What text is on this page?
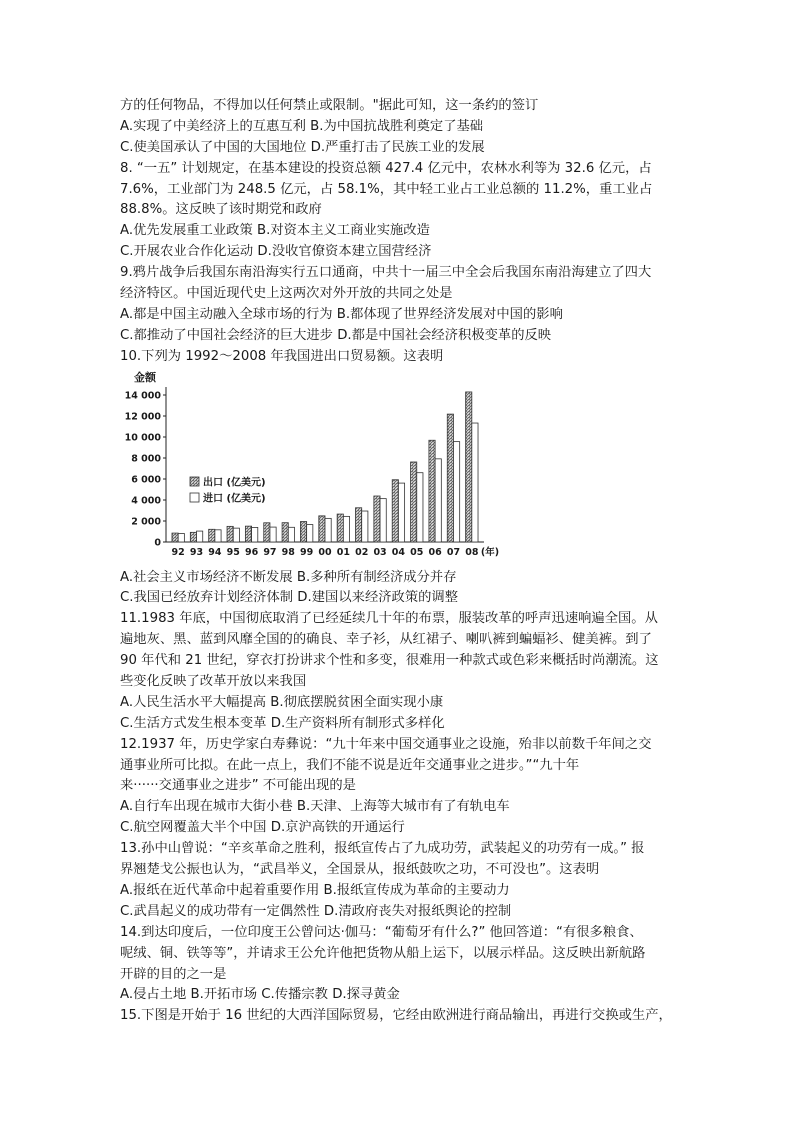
方的任何物品，不得加以任何禁止或限制。"据此可知，这一条约的签订
A.实现了中美经济上的互惠互利 B.为中国抗战胜利奠定了基础
C.使美国承认了中国的大国地位 D.严重打击了民族工业的发展
8. “一五” 计划规定，在基本建设的投资总额 427.4 亿元中，农林水利等为 32.6 亿元，占
7.6%，工业部门为 248.5 亿元，占 58.1%，其中轻工业占工业总额的 11.2%，重工业占
88.8%。这反映了该时期党和政府
A.优先发展重工业政策 B.对资本主义工商业实施改造
C.开展农业合作化运动 D.没收官僚资本建立国营经济
9.鸦片战争后我国东南沿海实行五口通商，中共十一届三中全会后我国东南沿海建立了四大
经济特区。中国近现代史上这两次对外开放的共同之处是
A.都是中国主动融入全球市场的行为 B.都体现了世界经济发展对中国的影响
C.都推动了中国社会经济的巨大进步 D.都是中国社会经济积极变革的反映
10.下列为 1992～2008 年我国进出口贸易额。这表明
金额
14 000
12 000
10 000
8 000
6 000
4 000
2 000
0
92 93 94 95 96 97 98 99 00 01 02 03 04 05 06 07 08 (年)
出口 (亿美元)
进口 (亿美元)
A.社会主义市场经济不断发展 B.多种所有制经济成分并存
C.我国已经放弃计划经济体制 D.建国以来经济政策的调整
11.1983 年底，中国彻底取消了已经延续几十年的布票，服装改革的呼声迅速响遍全国。从
遍地灰、黑、蓝到风靡全国的的确良、幸子衫，从红裙子、喇叭裤到蝙蝠衫、健美裤。到了
90 年代和 21 世纪，穿衣打扮讲求个性和多变，很难用一种款式或色彩来概括时尚潮流。这
些变化反映了改革开放以来我国
A.人民生活水平大幅提高 B.彻底摆脱贫困全面实现小康
C.生活方式发生根本变革 D.生产资料所有制形式多样化
12.1937 年，历史学家白寿彝说：“九十年来中国交通事业之设施，殆非以前数千年间之交
通事业所可比拟。在此一点上，我们不能不说是近年交通事业之进步。”“九十年
来······交通事业之进步” 不可能出现的是
A.自行车出现在城市大街小巷 B.天津、上海等大城市有了有轨电车
C.航空网覆盖大半个中国 D.京沪高铁的开通运行
13.孙中山曾说：“辛亥革命之胜利，报纸宣传占了九成功劳，武装起义的功劳有一成。” 报
界翘楚戈公振也认为，“武昌举义，全国景从，报纸鼓吹之功，不可没也”。这表明
A.报纸在近代革命中起着重要作用 B.报纸宣传成为革命的主要动力
C.武昌起义的成功带有一定偶然性 D.清政府丧失对报纸舆论的控制
14.到达印度后，一位印度王公曾问达·伽马：“葡萄牙有什么?” 他回答道：“有很多粮食、
呢绒、铜、铁等等”，并请求王公允许他把货物从船上运下，以展示样品。这反映出新航路
开辟的目的之一是
A.侵占土地 B.开拓市场 C.传播宗教 D.探寻黄金
15.下图是开始于 16 世纪的大西洋国际贸易，它经由欧洲进行商品输出，再进行交换或生产，
